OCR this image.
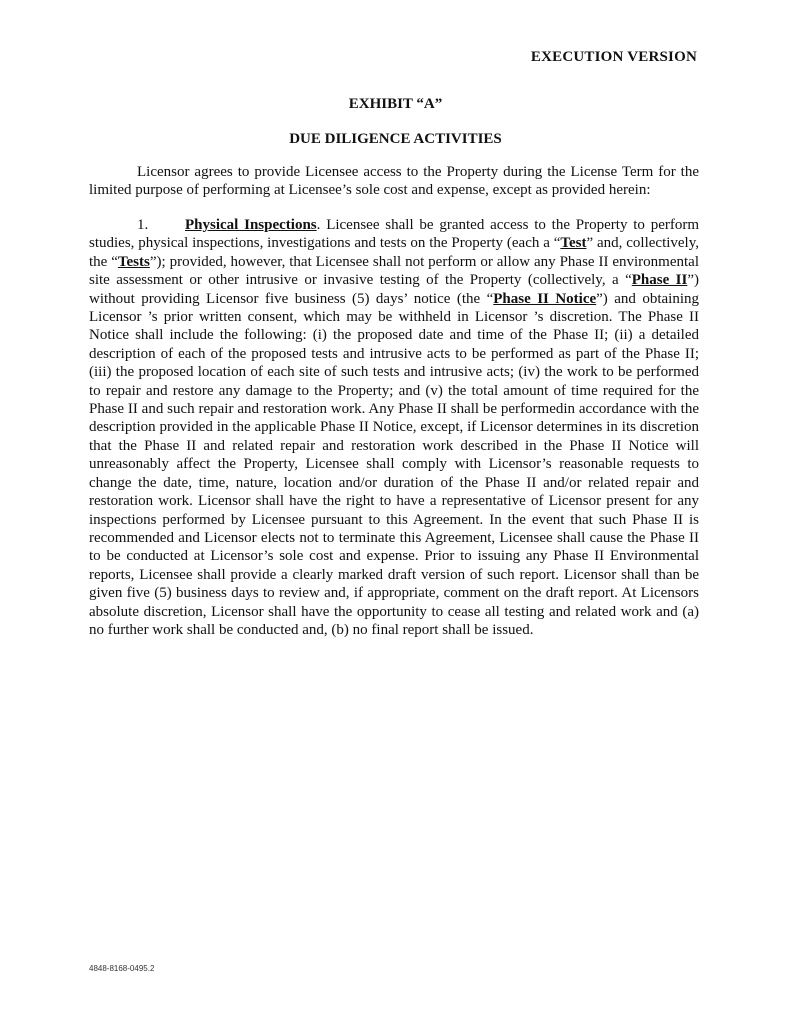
EXECUTION VERSION
EXHIBIT “A”
DUE DILIGENCE ACTIVITIES

Licensor agrees to provide Licensee access to the Property during the License Term for the limited purpose of performing at Licensee’s sole cost and expense, except as provided herein:

1. Physical Inspections. Licensee shall be granted access to the Property to perform studies, physical inspections, investigations and tests on the Property (each a “Test” and, collectively, the “Tests”); provided, however, that Licensee shall not perform or allow any Phase II environmental site assessment or other intrusive or invasive testing of the Property (collectively, a “Phase II”) without providing Licensor five business (5) days’ notice (the “Phase II Notice”) and obtaining Licensor ’s prior written consent, which may be withheld in Licensor ’s discretion. The Phase II Notice shall include the following: (i) the proposed date and time of the Phase II; (ii) a detailed description of each of the proposed tests and intrusive acts to be performed as part of the Phase II; (iii) the proposed location of each site of such tests and intrusive acts; (iv) the work to be performed to repair and restore any damage to the Property; and (v) the total amount of time required for the Phase II and such repair and restoration work. Any Phase II shall be performedin accordance with the description provided in the applicable Phase II Notice, except, if Licensor determines in its discretion that the Phase II and related repair and restoration work described in the Phase II Notice will unreasonably affect the Property, Licensee shall comply with Licensor’s reasonable requests to change the date, time, nature, location and/or duration of the Phase II and/or related repair and restoration work. Licensor shall have the right to have a representative of Licensor present for any inspections performed by Licensee pursuant to this Agreement. In the event that such Phase II is recommended and Licensor elects not to terminate this Agreement, Licensee shall cause the Phase II to be conducted at Licensor’s sole cost and expense. Prior to issuing any Phase II Environmental reports, Licensee shall provide a clearly marked draft version of such report. Licensor shall than be given five (5) business days to review and, if appropriate, comment on the draft report. At Licensors absolute discretion, Licensor shall have the opportunity to cease all testing and related work and (a) no further work shall be conducted and, (b) no final report shall be issued.

4848-8168-0495.2
